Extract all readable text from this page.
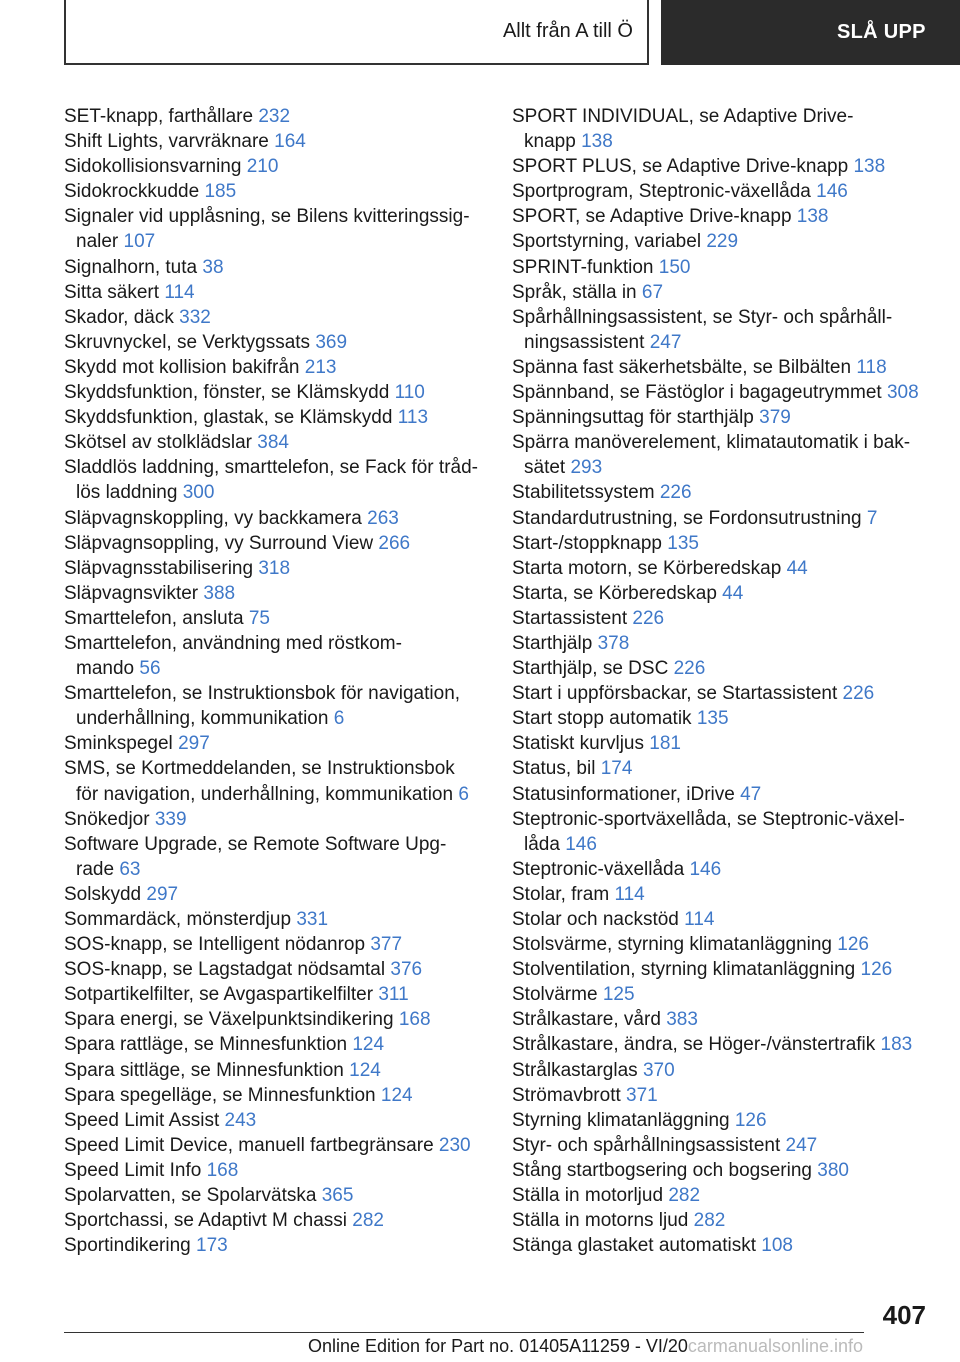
Allt från A till Ö	SLÅ UPP
SET-knapp, farthållare 232
Shift Lights, varvräknare 164
Sidokollisionsvarning 210
Sidokrockkudde 185
Signaler vid upplåsning, se Bilens kvitteringssig-
naler 107
Signalhorn, tuta 38
Sitta säkert 114
Skador, däck 332
Skruvnyckel, se Verktygssats 369
Skydd mot kollision bakifrån 213
Skyddsfunktion, fönster, se Klämskydd 110
Skyddsfunktion, glastak, se Klämskydd 113
Skötsel av stolklädslar 384
Sladdlös laddning, smarttelefon, se Fack för tråd-
lös laddning 300
Släpvagnskoppling, vy backkamera 263
Släpvagnsoppling, vy Surround View 266
Släpvagnsstabilisering 318
Släpvagnsvikter 388
Smarttelefon, ansluta 75
Smarttelefon, användning med röstkom-
mando 56
Smarttelefon, se Instruktionsbok för navigation,
underhållning, kommunikation 6
Sminkspegel 297
SMS, se Kortmeddelanden, se Instruktionsbok
för navigation, underhållning, kommunikation 6
Snökedjor 339
Software Upgrade, se Remote Software Upg-
rade 63
Solskydd 297
Sommardäck, mönsterdjup 331
SOS-knapp, se Intelligent nödanrop 377
SOS-knapp, se Lagstadgat nödsamtal 376
Sotpartikelfilter, se Avgaspartikelfilter 311
Spara energi, se Växelpunktsindikering 168
Spara rattläge, se Minnesfunktion 124
Spara sittläge, se Minnesfunktion 124
Spara spegelläge, se Minnesfunktion 124
Speed Limit Assist 243
Speed Limit Device, manuell fartbegränsare 230
Speed Limit Info 168
Spolarvatten, se Spolarvätska 365
Sportchassi, se Adaptivt M chassi 282
Sportindikering 173
SPORT INDIVIDUAL, se Adaptive Drive-
knapp 138
SPORT PLUS, se Adaptive Drive-knapp 138
Sportprogram, Steptronic-växellåda 146
SPORT, se Adaptive Drive-knapp 138
Sportstyrning, variabel 229
SPRINT-funktion 150
Språk, ställa in 67
Spårhållningsassistent, se Styr- och spårhåll-
ningsassistent 247
Spänna fast säkerhetsbälte, se Bilbälten 118
Spännband, se Fästöglor i bagageutrymmet 308
Spänningsuttag för starthjälp 379
Spärra manöverelement, klimatautomatik i bak-
sätet 293
Stabilitetssystem 226
Standardutrustning, se Fordonsutrustning 7
Start-/stoppknapp 135
Starta motorn, se Körberedskap 44
Starta, se Körberedskap 44
Startassistent 226
Starthjälp 378
Starthjälp, se DSC 226
Start i uppförsbackar, se Startassistent 226
Start stopp automatik 135
Statiskt kurvljus 181
Status, bil 174
Statusinformationer, iDrive 47
Steptronic-sportväxellåda, se Steptronic-växel-
låda 146
Steptronic-växellåda 146
Stolar, fram 114
Stolar och nackstöd 114
Stolsvärme, styrning klimatanläggning 126
Stolventilation, styrning klimatanläggning 126
Stolvärme 125
Strålkastare, vård 383
Strålkastare, ändra, se Höger-/vänstertrafik 183
Strålkastarglas 370
Strömavbrott 371
Styrning klimatanläggning 126
Styr- och spårhållningsassistent 247
Stång startbogsering och bogsering 380
Ställa in motorljud 282
Ställa in motorns ljud 282
Stänga glastaket automatiskt 108
407
Online Edition for Part no. 01405A11259 - VI/20carmanualsonline.info
